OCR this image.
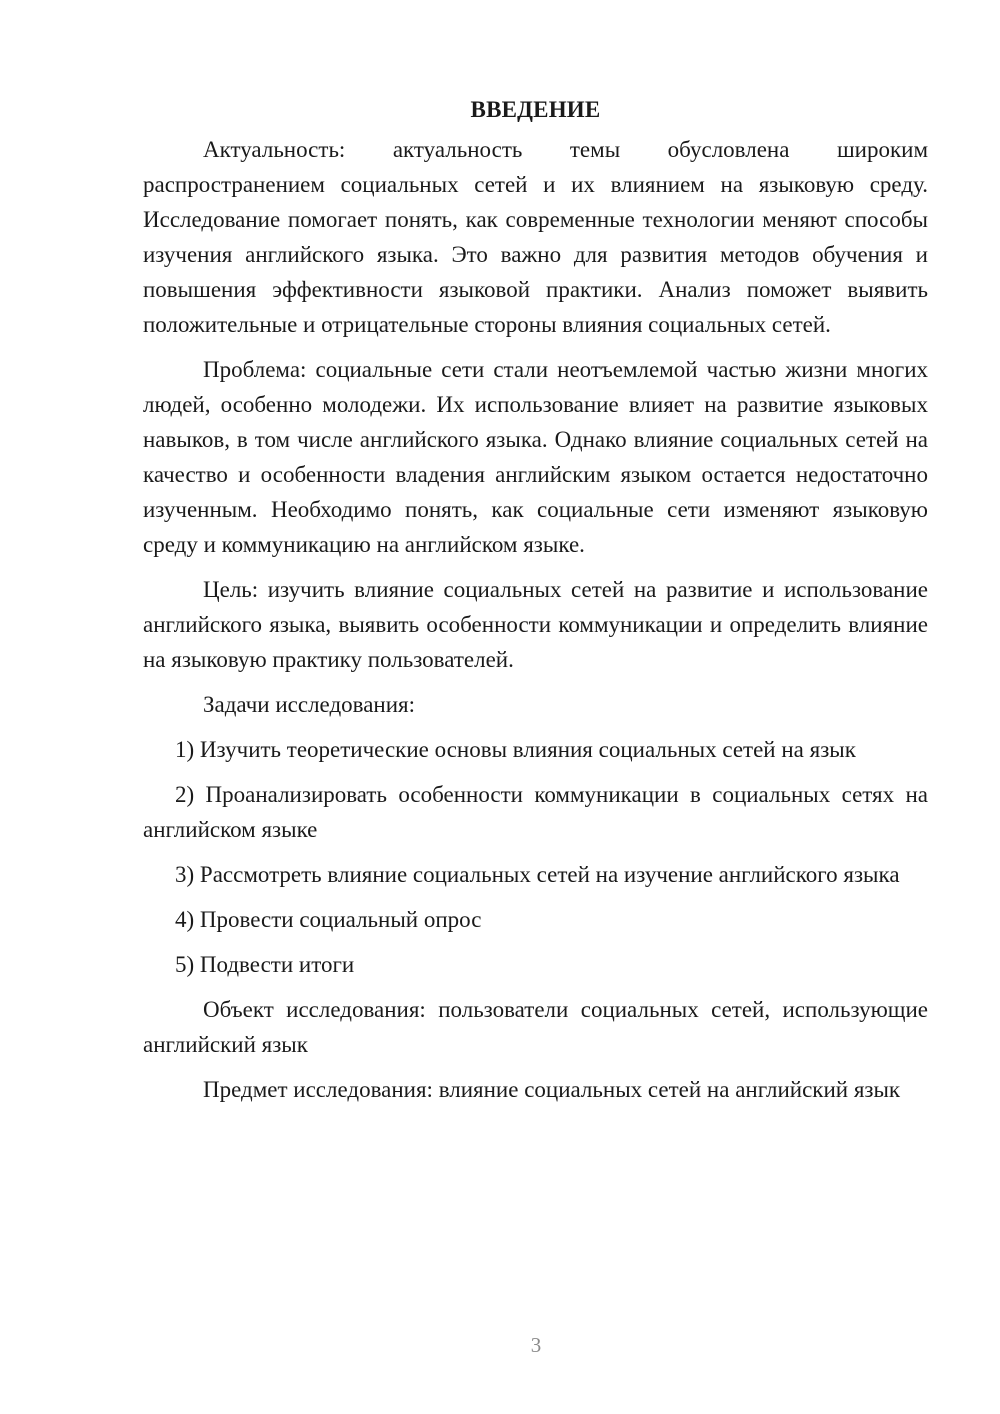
ВВЕДЕНИЕ

Актуальность: актуальность темы обусловлена широким распространением социальных сетей и их влиянием на языковую среду. Исследование помогает понять, как современные технологии меняют способы изучения английского языка. Это важно для развития методов обучения и повышения эффективности языковой практики. Анализ поможет выявить положительные и отрицательные стороны влияния социальных сетей.

Проблема: социальные сети стали неотъемлемой частью жизни многих людей, особенно молодежи. Их использование влияет на развитие языковых навыков, в том числе английского языка. Однако влияние социальных сетей на качество и особенности владения английским языком остается недостаточно изученным. Необходимо понять, как социальные сети изменяют языковую среду и коммуникацию на английском языке.

Цель: изучить влияние социальных сетей на развитие и использование английского языка, выявить особенности коммуникации и определить влияние на языковую практику пользователей.

Задачи исследования:

1) Изучить теоретические основы влияния социальных сетей на язык

2) Проанализировать особенности коммуникации в социальных сетях на английском языке

3) Рассмотреть влияние социальных сетей на изучение английского языка

4) Провести социальный опрос

5) Подвести итоги

Объект исследования: пользователи социальных сетей, использующие английский язык

Предмет исследования: влияние социальных сетей на английский язык

3
